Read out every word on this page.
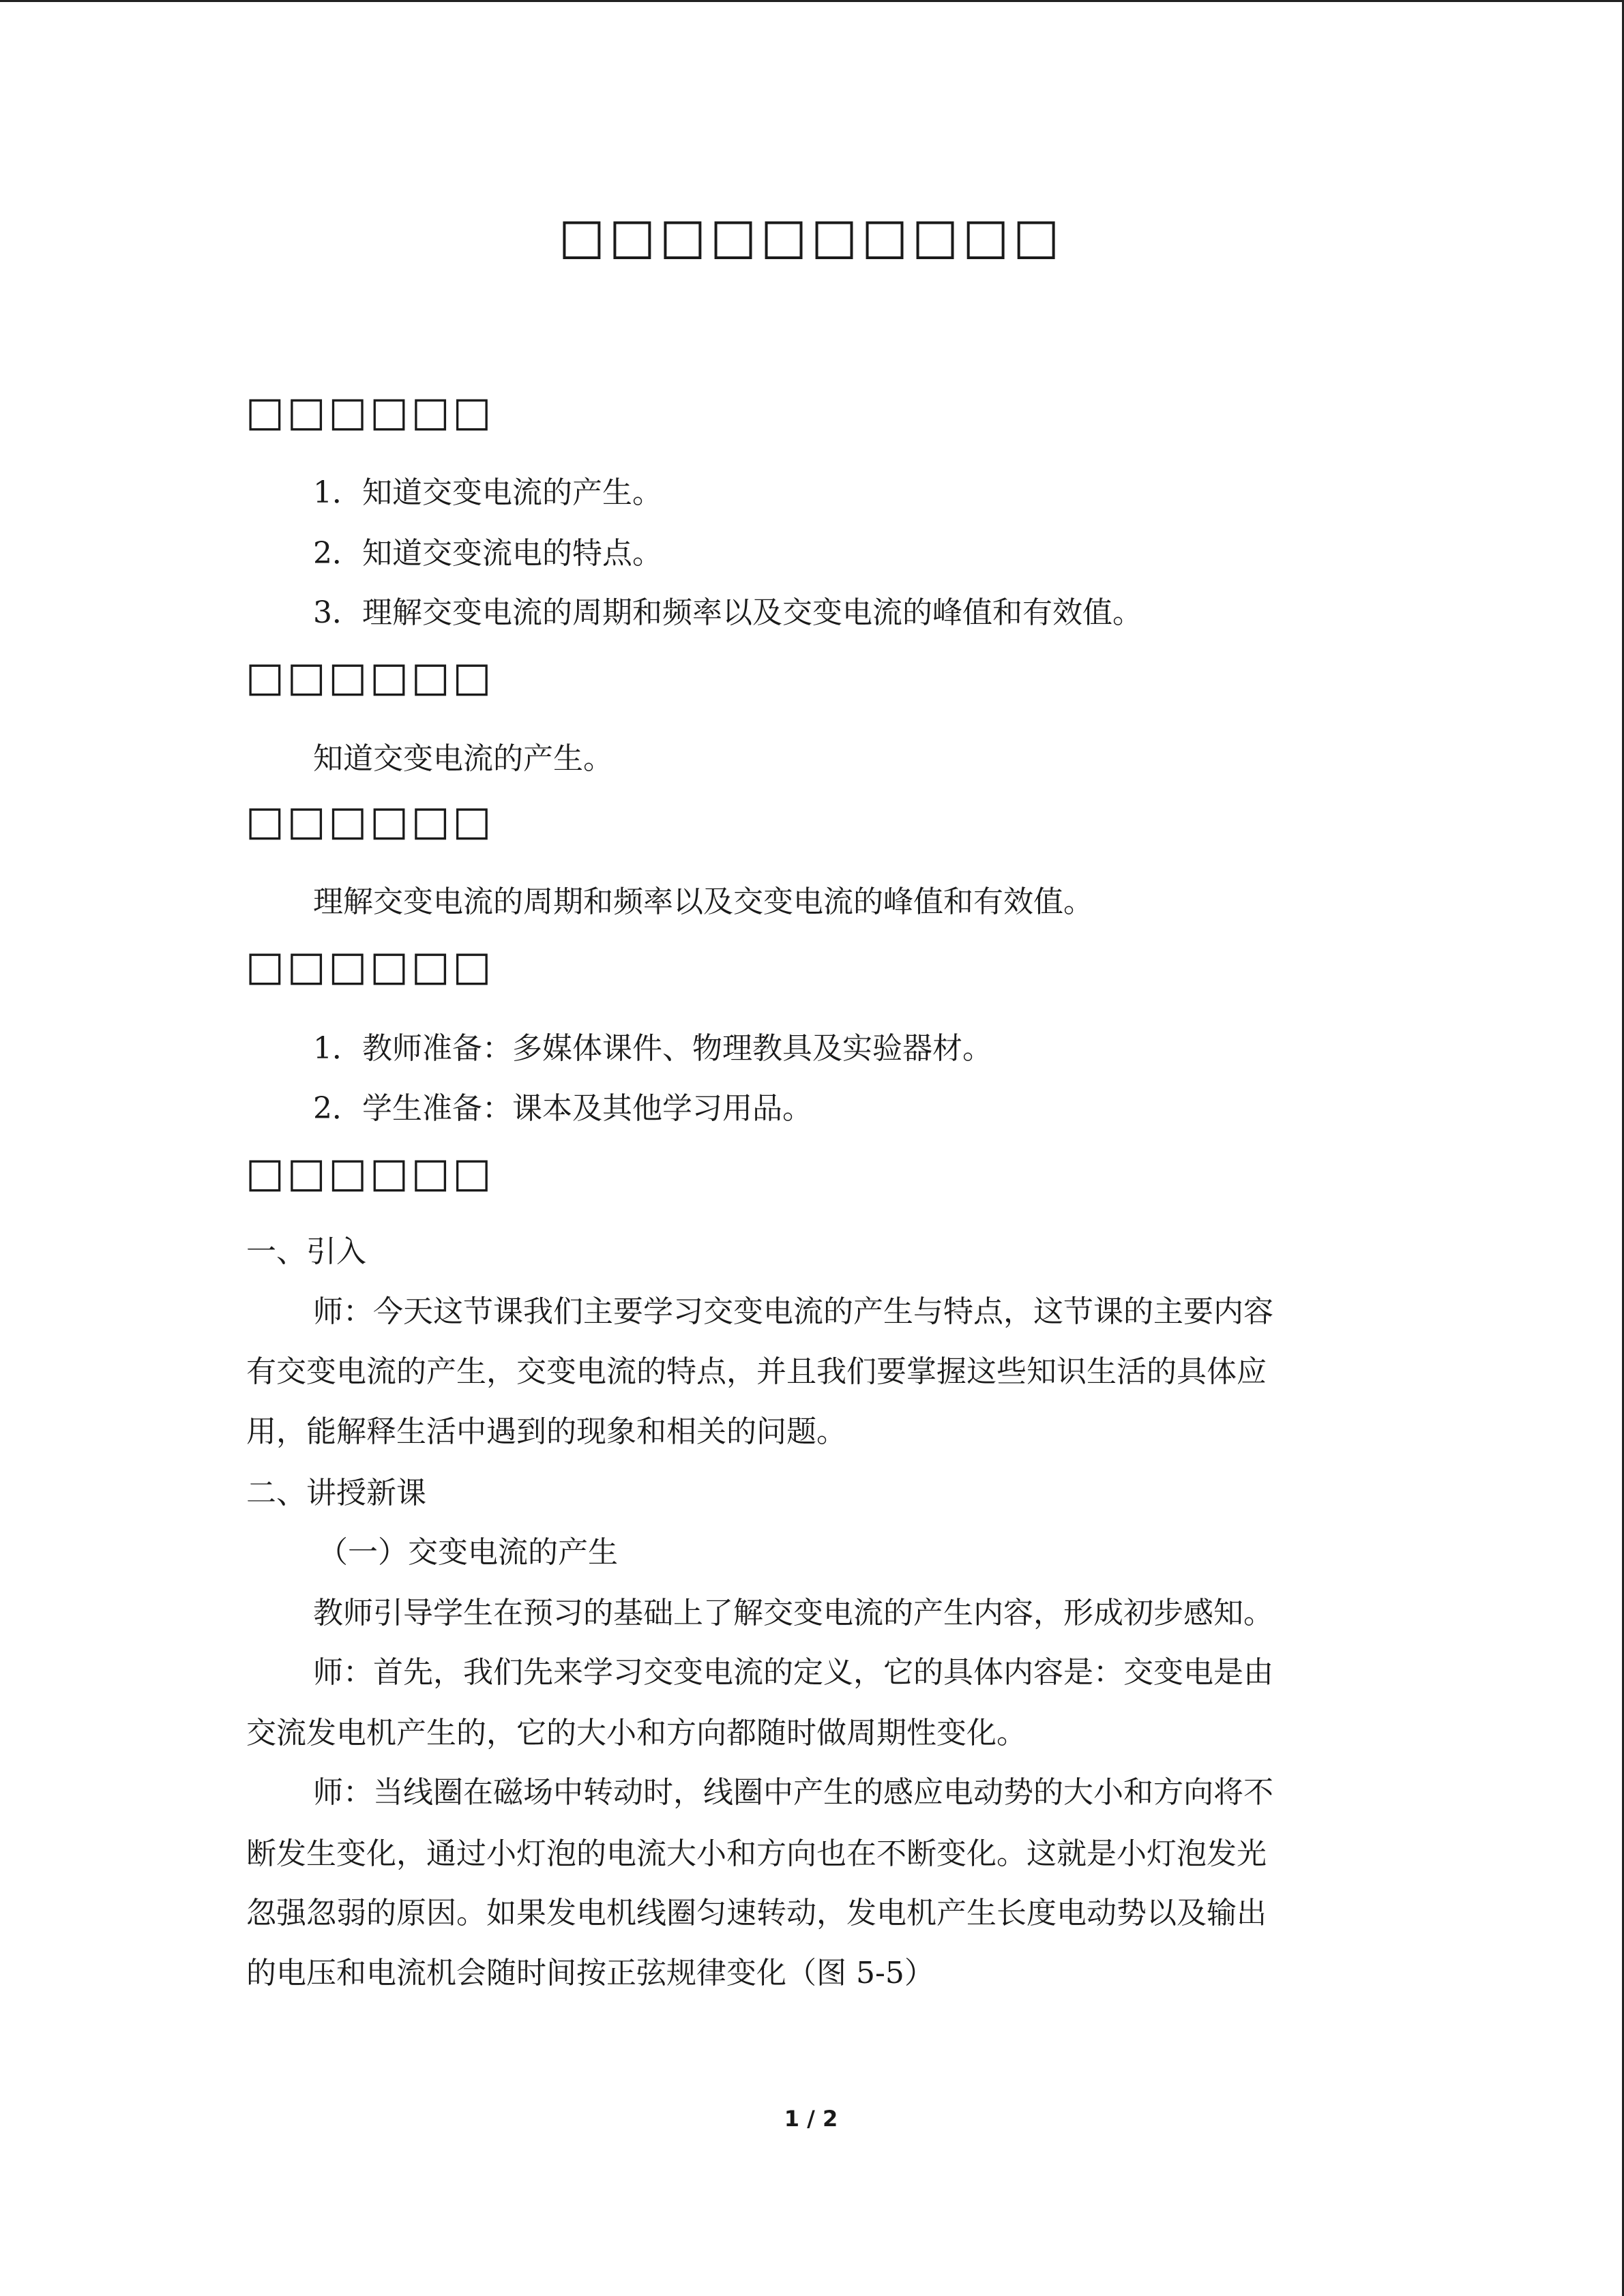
□□□□□□□□□□
□□□□□□
1．知道交变电流的产生。
2．知道交变流电的特点。
3．理解交变电流的周期和频率以及交变电流的峰值和有效值。
□□□□□□
知道交变电流的产生。
□□□□□□
理解交变电流的周期和频率以及交变电流的峰值和有效值。
□□□□□□
1．教师准备：多媒体课件、物理教具及实验器材。
2．学生准备：课本及其他学习用品。
□□□□□□
一、引入
师：今天这节课我们主要学习交变电流的产生与特点，这节课的主要内容
有交变电流的产生，交变电流的特点，并且我们要掌握这些知识生活的具体应
用，能解释生活中遇到的现象和相关的问题。
二、讲授新课
（一）交变电流的产生
教师引导学生在预习的基础上了解交变电流的产生内容，形成初步感知。
师：首先，我们先来学习交变电流的定义，它的具体内容是：交变电是由
交流发电机产生的，它的大小和方向都随时做周期性变化。
师：当线圈在磁场中转动时，线圈中产生的感应电动势的大小和方向将不
断发生变化，通过小灯泡的电流大小和方向也在不断变化。这就是小灯泡发光
忽强忽弱的原因。如果发电机线圈匀速转动，发电机产生长度电动势以及输出
的电压和电流机会随时间按正弦规律变化（图 5-5）
1 / 2
